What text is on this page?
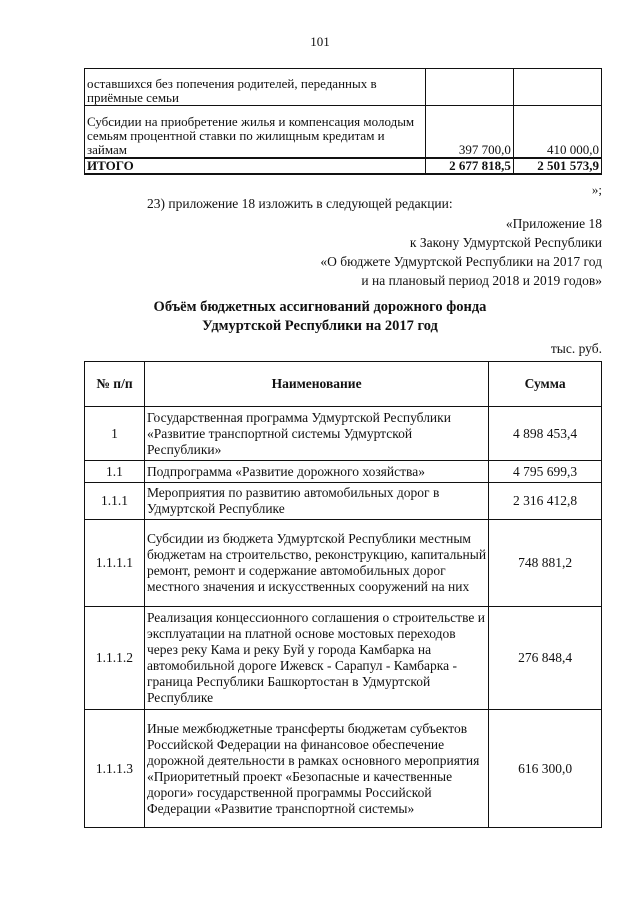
101
оставшихся без попечения родителей, переданных в приёмные семьи		
Субсидии на приобретение жилья и компенсация молодым семьям процентной ставки по жилищным кредитам и займам	397 700,0	410 000,0
ИТОГО	2 677 818,5	2 501 573,9
»;
23) приложение 18 изложить в следующей редакции:
«Приложение 18
к Закону Удмуртской Республики
«О бюджете Удмуртской Республики на 2017 год
и на плановый период 2018 и 2019 годов»
Объём бюджетных ассигнований дорожного фонда
Удмуртской Республики на 2017 год
тыс. руб.
№ п/п	Наименование	Сумма
1	Государственная программа Удмуртской Республики «Развитие транспортной системы Удмуртской Республики»	4 898 453,4
1.1	Подпрограмма «Развитие дорожного хозяйства»	4 795 699,3
1.1.1	Мероприятия по развитию автомобильных дорог в Удмуртской Республике	2 316 412,8
1.1.1.1	Субсидии из бюджета Удмуртской Республики местным бюджетам на строительство, реконструкцию, капитальный ремонт, ремонт и содержание автомобильных дорог местного значения и искусственных сооружений на них	748 881,2
1.1.1.2	Реализация концессионного соглашения о строительстве и эксплуатации на платной основе мостовых переходов через реку Кама и реку Буй у города Камбарка на автомобильной дороге Ижевск - Сарапул - Камбарка - граница Республики Башкортостан в Удмуртской Республике	276 848,4
1.1.1.3	Иные межбюджетные трансферты бюджетам субъектов Российской Федерации на финансовое обеспечение дорожной деятельности в рамках основного мероприятия «Приоритетный проект «Безопасные и качественные дороги» государственной программы Российской Федерации «Развитие транспортной системы»	616 300,0
